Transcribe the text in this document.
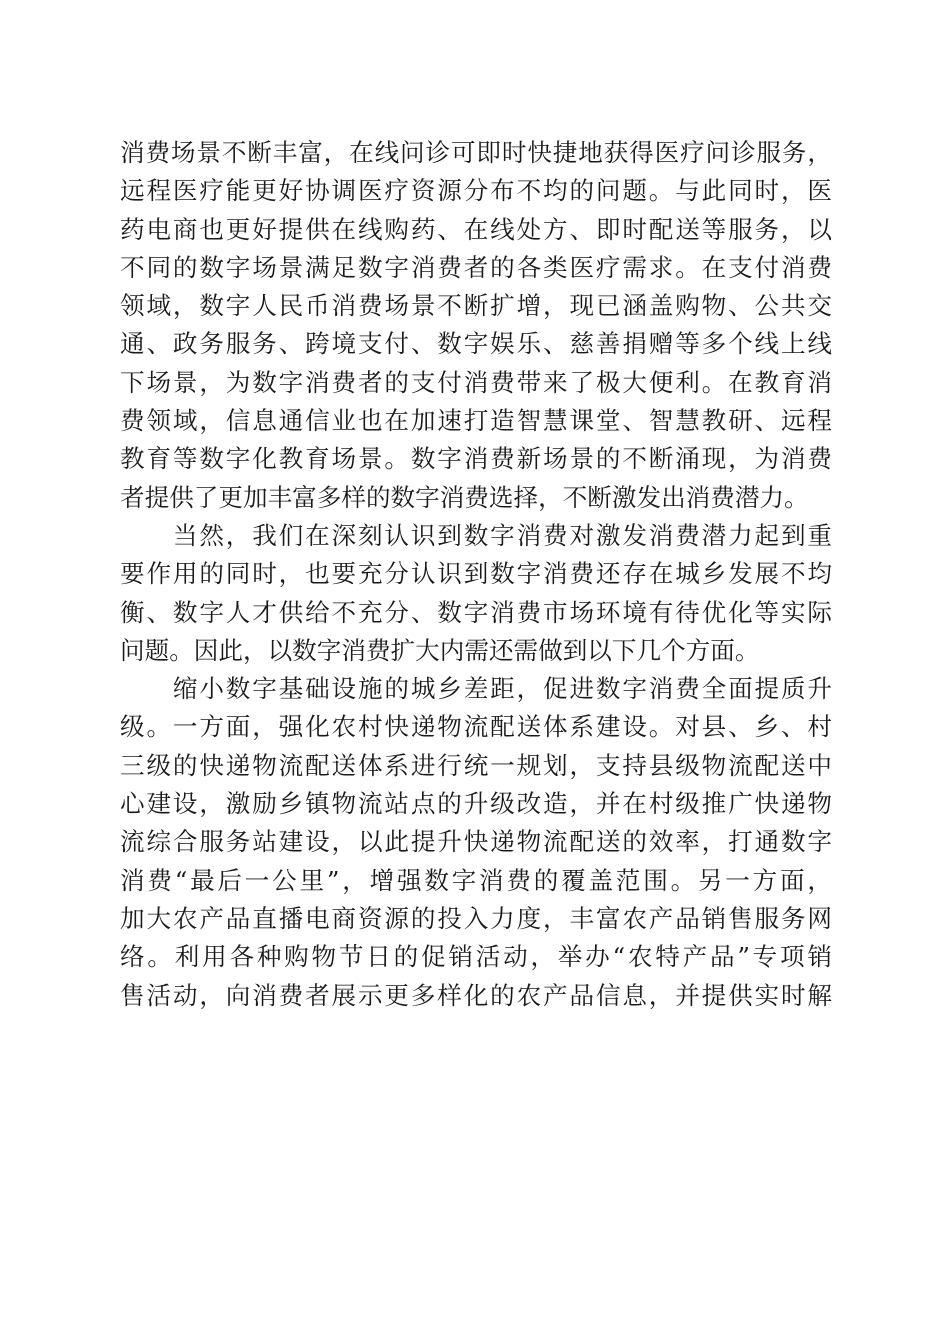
消费场景不断丰富，在线问诊可即时快捷地获得医疗问诊服务，
远程医疗能更好协调医疗资源分布不均的问题。与此同时，医
药电商也更好提供在线购药、在线处方、即时配送等服务，以
不同的数字场景满足数字消费者的各类医疗需求。在支付消费
领域，数字人民币消费场景不断扩增，现已涵盖购物、公共交
通、政务服务、跨境支付、数字娱乐、慈善捐赠等多个线上线
下场景，为数字消费者的支付消费带来了极大便利。在教育消
费领域，信息通信业也在加速打造智慧课堂、智慧教研、远程
教育等数字化教育场景。数字消费新场景的不断涌现，为消费
者提供了更加丰富多样的数字消费选择，不断激发出消费潜力。
　　当然，我们在深刻认识到数字消费对激发消费潜力起到重
要作用的同时，也要充分认识到数字消费还存在城乡发展不均
衡、数字人才供给不充分、数字消费市场环境有待优化等实际
问题。因此，以数字消费扩大内需还需做到以下几个方面。
　　缩小数字基础设施的城乡差距，促进数字消费全面提质升
级。一方面，强化农村快递物流配送体系建设。对县、乡、村
三级的快递物流配送体系进行统一规划，支持县级物流配送中
心建设，激励乡镇物流站点的升级改造，并在村级推广快递物
流综合服务站建设，以此提升快递物流配送的效率，打通数字
消费“最后一公里”，增强数字消费的覆盖范围。另一方面，
加大农产品直播电商资源的投入力度，丰富农产品销售服务网
络。利用各种购物节日的促销活动，举办“农特产品”专项销
售活动，向消费者展示更多样化的农产品信息，并提供实时解
